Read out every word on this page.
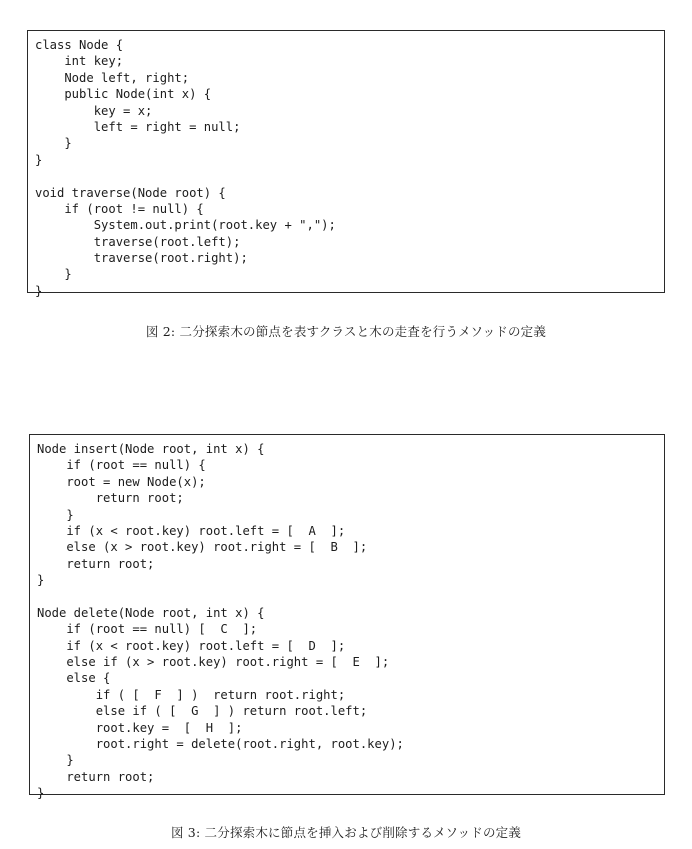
class Node {
int key;
Node left, right;
public Node(int x) {
key = x;
left = right = null;
}
}
void traverse(Node root) {
if (root != null) {
System.out.print(root.key + ",");
traverse(root.left);
traverse(root.right);
}
}
図 2: 二分探索木の節点を表すクラスと木の走査を行うメソッドの定義
Node insert(Node root, int x) {
if (root == null) {
root = new Node(x);
return root;
}
if (x < root.key) root.left = [  A  ];
else (x > root.key) root.right = [  B  ];
return root;
}
Node delete(Node root, int x) {
if (root == null) [  C  ];
if (x < root.key) root.left = [  D  ];
else if (x > root.key) root.right = [  E  ];
else {
if ( [  F  ] )  return root.right;
else if ( [  G  ] ) return root.left;
root.key =  [  H  ];
root.right = delete(root.right, root.key);
}
return root;
}
図 3: 二分探索木に節点を挿入および削除するメソッドの定義
